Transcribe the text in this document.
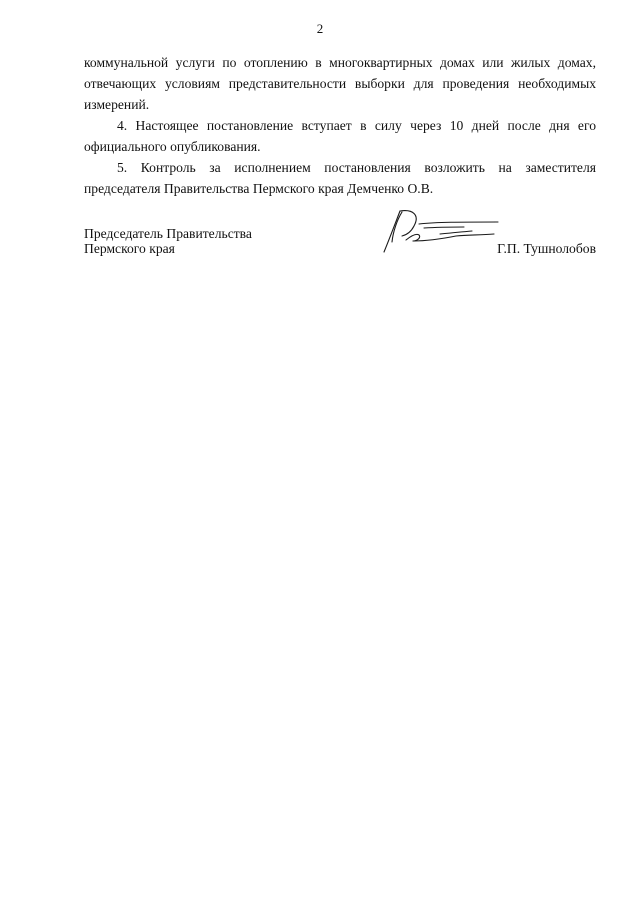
2

коммунальной услуги по отоплению в многоквартирных домах или жилых домах, отвечающих условиям представительности выборки для проведения необходимых измерений.

4. Настоящее постановление вступает в силу через 10 дней после дня его официального опубликования.

5. Контроль за исполнением постановления возложить на заместителя председателя Правительства Пермского края Демченко О.В.

Председатель Правительства
Пермского края	Г.П. Тушнолобов
